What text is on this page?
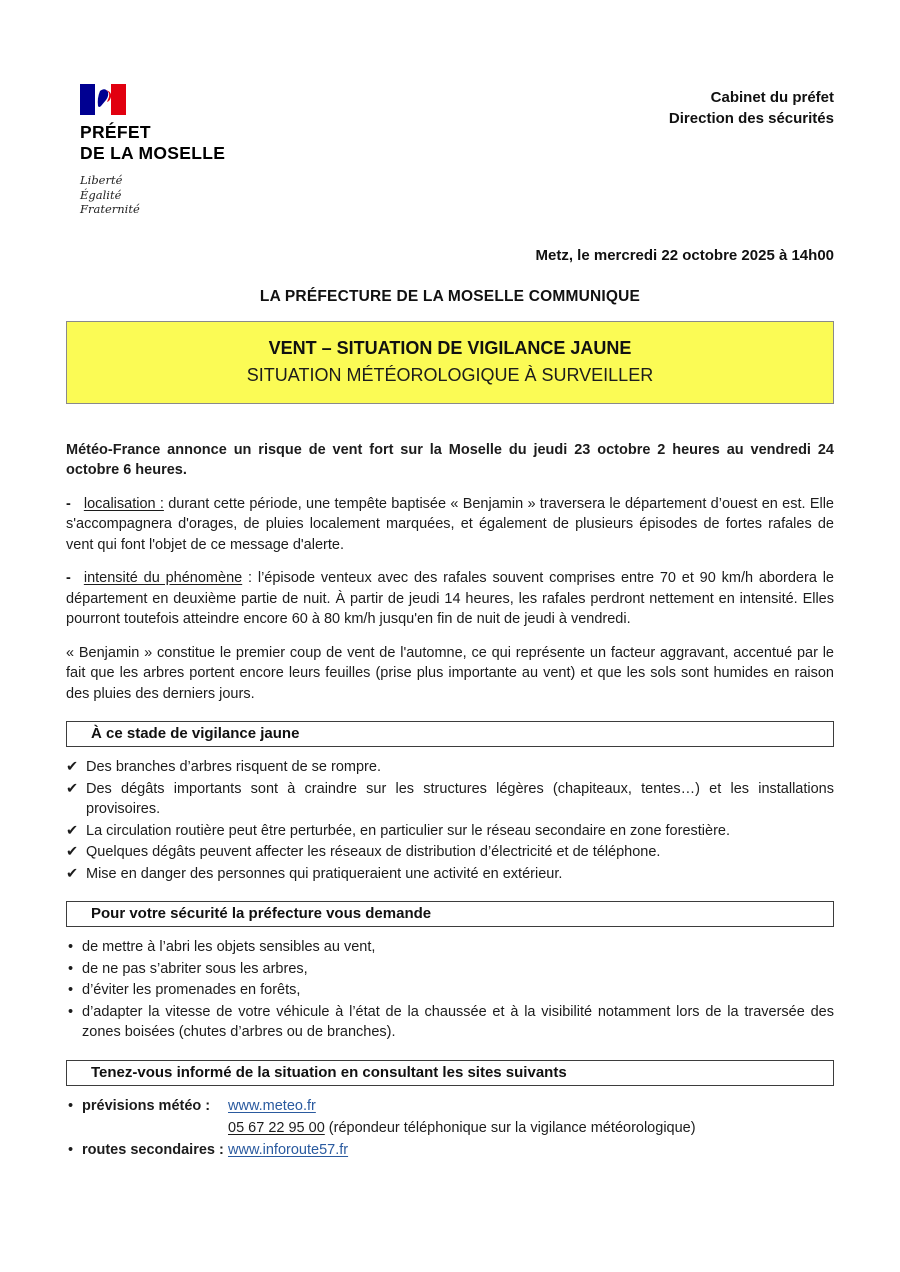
PRÉFET
DE LA MOSELLE
Liberté
Égalité
Fraternité
Cabinet du préfet
Direction des sécurités
Metz, le mercredi 22 octobre 2025 à 14h00
LA PRÉFECTURE DE LA MOSELLE COMMUNIQUE
VENT – SITUATION DE VIGILANCE JAUNE
SITUATION MÉTÉOROLOGIQUE À SURVEILLER

Météo-France annonce un risque de vent fort sur la Moselle du jeudi 23 octobre 2 heures au vendredi 24 octobre 6 heures.

- localisation : durant cette période, une tempête baptisée « Benjamin » traversera le département d’ouest en est. Elle s'accompagnera d'orages, de pluies localement marquées, et également de plusieurs épisodes de fortes rafales de vent qui font l'objet de ce message d'alerte.

- intensité du phénomène : l’épisode venteux avec des rafales souvent comprises entre 70 et 90 km/h abordera le département en deuxième partie de nuit. À partir de jeudi 14 heures, les rafales perdront nettement en intensité. Elles pourront toutefois atteindre encore 60 à 80 km/h jusqu'en fin de nuit de jeudi à vendredi.

« Benjamin » constitue le premier coup de vent de l'automne, ce qui représente un facteur aggravant, accentué par le fait que les arbres portent encore leurs feuilles (prise plus importante au vent) et que les sols sont humides en raison des pluies des derniers jours.

À ce stade de vigilance jaune
✔ Des branches d’arbres risquent de se rompre.
✔ Des dégâts importants sont à craindre sur les structures légères (chapiteaux, tentes…) et les installations provisoires.
✔ La circulation routière peut être perturbée, en particulier sur le réseau secondaire en zone forestière.
✔ Quelques dégâts peuvent affecter les réseaux de distribution d’électricité et de téléphone.
✔ Mise en danger des personnes qui pratiqueraient une activité en extérieur.
Pour votre sécurité la préfecture vous demande
• de mettre à l’abri les objets sensibles au vent,
• de ne pas s’abriter sous les arbres,
• d’éviter les promenades en forêts,
• d’adapter la vitesse de votre véhicule à l’état de la chaussée et à la visibilité notamment lors de la traversée des zones boisées (chutes d’arbres ou de branches).
Tenez-vous informé de la situation en consultant les sites suivants
• prévisions météo :	www.meteo.fr
05 67 22 95 00 (répondeur téléphonique sur la vigilance météorologique)
• routes secondaires : www.inforoute57.fr
